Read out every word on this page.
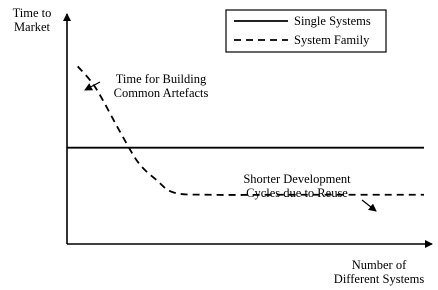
Time to
Market
Number of
Different Systems
Single Systems
System Family
Time for Building
Common Artefacts
Shorter Development
Cycles due to Reuse
